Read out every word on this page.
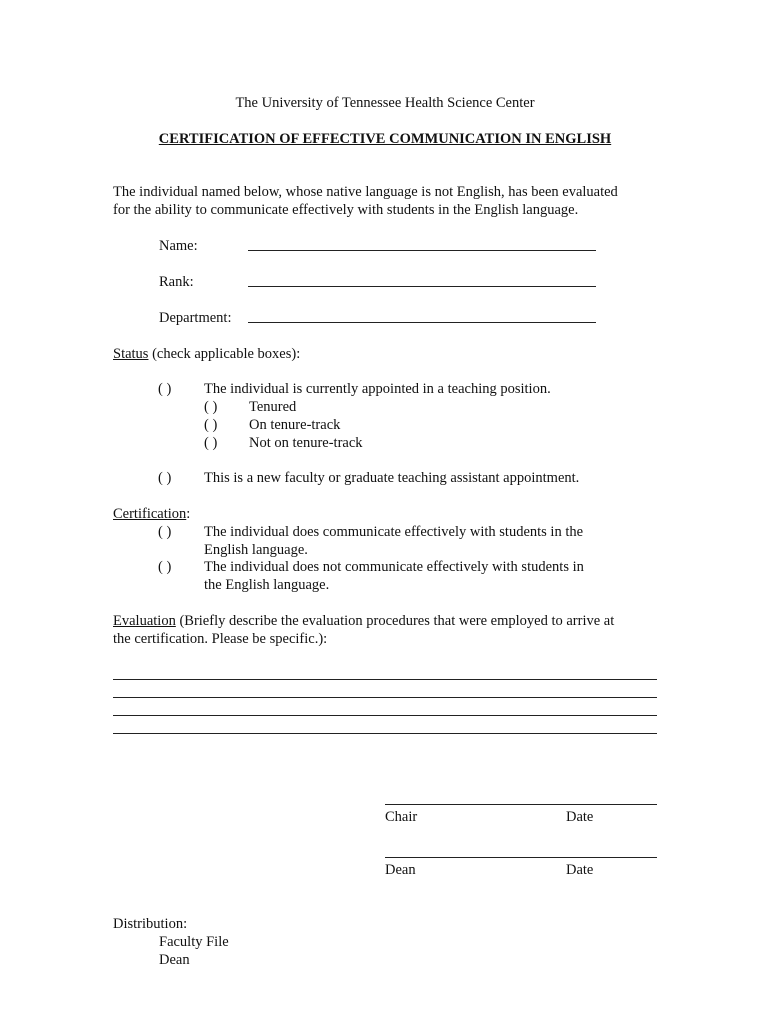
The University of Tennessee Health Science Center
CERTIFICATION OF EFFECTIVE COMMUNICATION IN ENGLISH
The individual named below, whose native language is not English, has been evaluated
for the ability to communicate effectively with students in the English language.
Name:
Rank:
Department:
Status (check applicable boxes):
( ) The individual is currently appointed in a teaching position.
( ) Tenured
( ) On tenure-track
( ) Not on tenure-track
( ) This is a new faculty or graduate teaching assistant appointment.
Certification:
( ) The individual does communicate effectively with students in the
English language.
( ) The individual does not communicate effectively with students in
the English language.
Evaluation (Briefly describe the evaluation procedures that were employed to arrive at
the certification. Please be specific.):
Chair	Date
Dean	Date
Distribution:
Faculty File
Dean
